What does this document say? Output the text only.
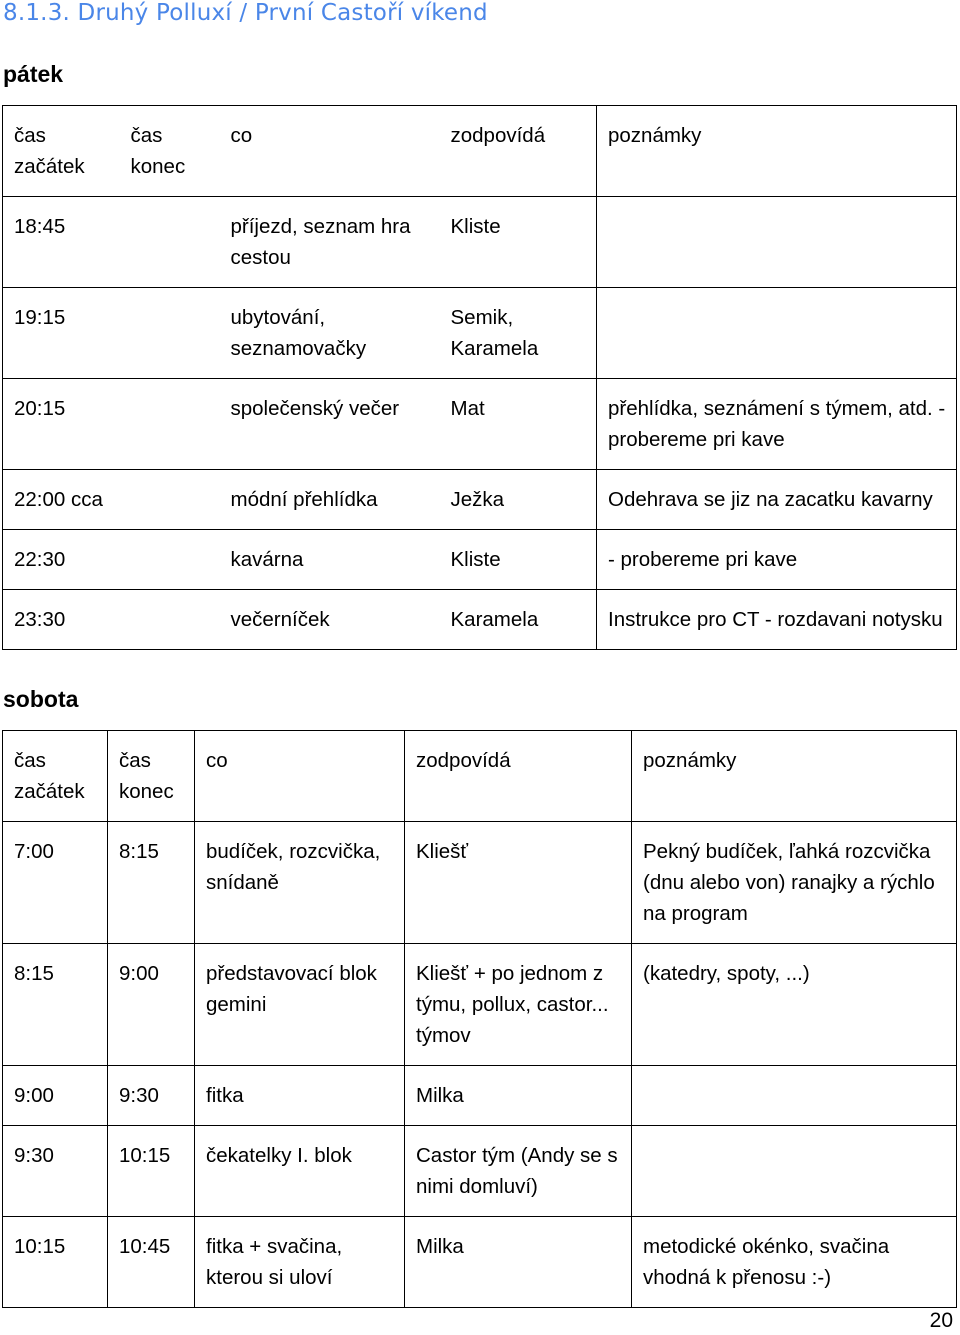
8.1.3. Druhý Polluxí / První Castoří víkend
pátek
čas začátek	čas konec	co	zodpovídá	poznámky
18:45		příjezd, seznam hra cestou	Kliste	
19:15		ubytování, seznamovačky	Semik, Karamela	
20:15		společenský večer	Mat	přehlídka, seznámení s týmem, atd. - probereme pri kave
22:00 cca		módní přehlídka	Ježka	Odehrava se jiz na zacatku kavarny
22:30		kavárna	Kliste	- probereme pri kave
23:30		večerníček	Karamela	Instrukce pro CT - rozdavani notysku
sobota
čas začátek	čas konec	co	zodpovídá	poznámky
7:00	8:15	budíček, rozcvička, snídaně	Kliešť	Pekný budíček, ľahká rozcvička (dnu alebo von) ranajky a rýchlo na program
8:15	9:00	představovací blok gemini	Kliešť + po jednom z týmu, pollux, castor... týmov	(katedry, spoty, ...)
9:00	9:30	fitka	Milka	
9:30	10:15	čekatelky I. blok	Castor tým (Andy se s nimi domluví)	
10:15	10:45	fitka + svačina, kterou si uloví	Milka	metodické okénko, svačina vhodná k přenosu :-)
20
